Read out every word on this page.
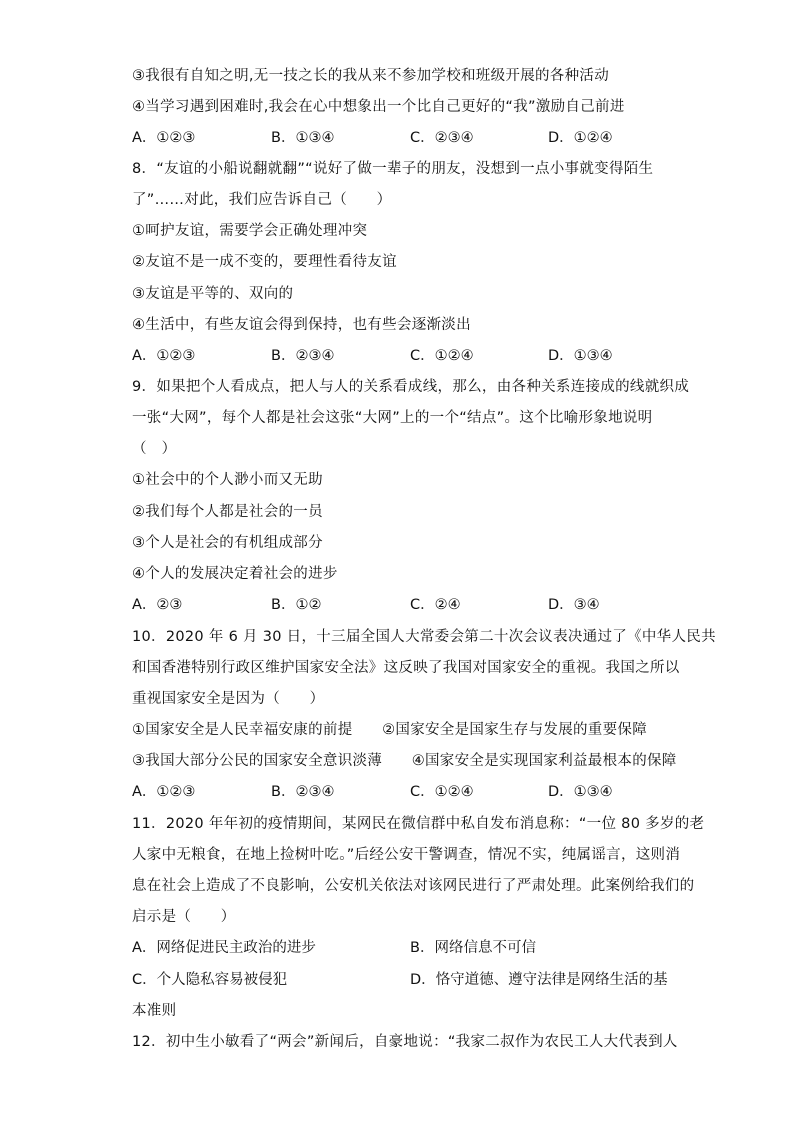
③我很有自知之明,无一技之长的我从来不参加学校和班级开展的各种活动
④当学习遇到困难时,我会在心中想象出一个比自己更好的“我”激励自己前进
A．①②③	B．①③④	C．②③④	D．①②④
8．“友谊的小船说翻就翻”“说好了做一辈子的朋友，没想到一点小事就变得陌生
了”……对此，我们应告诉自己（　　）
①呵护友谊，需要学会正确处理冲突
②友谊不是一成不变的，要理性看待友谊
③友谊是平等的、双向的
④生活中，有些友谊会得到保持，也有些会逐渐淡出
A．①②③	B．②③④	C．①②④	D．①③④
9．如果把个人看成点，把人与人的关系看成线，那么，由各种关系连接成的线就织成
一张“大网”，每个人都是社会这张“大网”上的一个“结点”。这个比喻形象地说明
（　）
①社会中的个人渺小而又无助
②我们每个人都是社会的一员
③个人是社会的有机组成部分
④个人的发展决定着社会的进步
A．②③	B．①②	C．②④	D．③④
10．2020 年 6 月 30 日，十三届全国人大常委会第二十次会议表决通过了《中华人民共
和国香港特别行政区维护国家安全法》这反映了我国对国家安全的重视。我国之所以
重视国家安全是因为（　　）
①国家安全是人民幸福安康的前提　　②国家安全是国家生存与发展的重要保障
③我国大部分公民的国家安全意识淡薄　　④国家安全是实现国家利益最根本的保障
A．①②③	B．②③④	C．①②④	D．①③④
11．2020 年年初的疫情期间，某网民在微信群中私自发布消息称：“一位 80 多岁的老
人家中无粮食，在地上捡树叶吃。”后经公安干警调查，情况不实，纯属谣言，这则消
息在社会上造成了不良影响，公安机关依法对该网民进行了严肃处理。此案例给我们的
启示是（　　）
A．网络促进民主政治的进步	B．网络信息不可信
C．个人隐私容易被侵犯	D．恪守道德、遵守法律是网络生活的基
本准则
12．初中生小敏看了“两会”新闻后，自豪地说：“我家二叔作为农民工人大代表到人
